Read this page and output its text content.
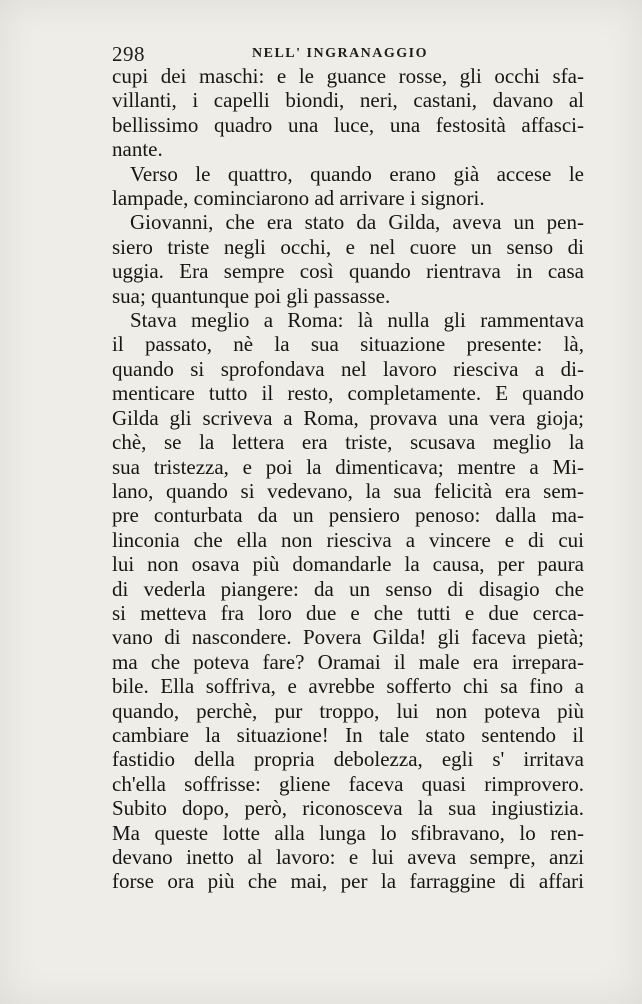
298	NELL' INGRANAGGIO
cupi dei maschi: e le guance rosse, gli occhi sfa-
villanti, i capelli biondi, neri, castani, davano al
bellissimo quadro una luce, una festosità affasci-
nante.
Verso le quattro, quando erano già accese le
lampade, cominciarono ad arrivare i signori.
Giovanni, che era stato da Gilda, aveva un pen-
siero triste negli occhi, e nel cuore un senso di
uggia. Era sempre così quando rientrava in casa
sua; quantunque poi gli passasse.
Stava meglio a Roma: là nulla gli rammentava
il passato, nè la sua situazione presente: là,
quando si sprofondava nel lavoro riesciva a di-
menticare tutto il resto, completamente. E quando
Gilda gli scriveva a Roma, provava una vera gioja;
chè, se la lettera era triste, scusava meglio la
sua tristezza, e poi la dimenticava; mentre a Mi-
lano, quando si vedevano, la sua felicità era sem-
pre conturbata da un pensiero penoso: dalla ma-
linconia che ella non riesciva a vincere e di cui
lui non osava più domandarle la causa, per paura
di vederla piangere: da un senso di disagio che
si metteva fra loro due e che tutti e due cerca-
vano di nascondere. Povera Gilda! gli faceva pietà;
ma che poteva fare? Oramai il male era irrepara-
bile. Ella soffriva, e avrebbe sofferto chi sa fino a
quando, perchè, pur troppo, lui non poteva più
cambiare la situazione! In tale stato sentendo il
fastidio della propria debolezza, egli s' irritava
ch'ella soffrisse: gliene faceva quasi rimprovero.
Subito dopo, però, riconosceva la sua ingiustizia.
Ma queste lotte alla lunga lo sfibravano, lo ren-
devano inetto al lavoro: e lui aveva sempre, anzi
forse ora più che mai, per la farraggine di affari
